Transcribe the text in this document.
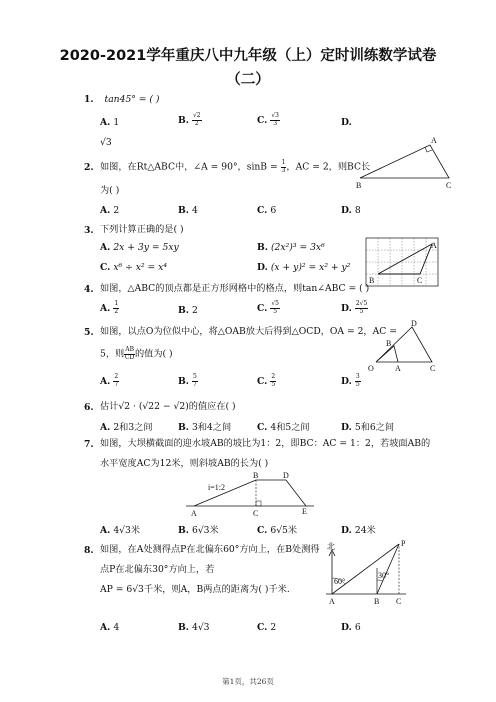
2020-2021学年重庆八中九年级（上）定时训练数学试卷
（二）
1. tan45° = ( )
A. 1	B. $\frac{√2}{2}$	C. $\frac{√3}{3}$	D.
√3
2. 如图，在Rt△ABC中，∠A = 90°，$\sin B = \frac{1}{3}$ ，AC = 2，则BC长
为( )
A. 2	B. 4	C. 6	D. 8
A
B	C
3. 下列计算正确的是( )
A. 2x + 3y = 5xy	B. (2x²)³ = 3x⁶
C. x⁶ ÷ x² = x⁴	D. (x + y)² = x² + y²
A
B	C
4. 如图，△ABC的顶点都是正方形网格中的格点，则tan∠ABC = ( )
A. $\frac{1}{2}$	B. 2	C. $\frac{√5}{5}$	D. $\frac{2√5}{5}$
5. 如图，以点O为位似中心，将△OAB放大后得到△OCD，OA = 2，AC =
5，则 $\frac{AB}{CD}$ 的值为( )
A. $\frac{2}{7}$	B. $\frac{5}{7}$	C. $\frac{2}{5}$	D. $\frac{3}{5}$
D
B
O	A	C
6. 估计√2 · (√22 − √2)的值应在( )
A. 2和3之间	B. 3和4之间	C. 4和5之间	D. 5和6之间
7. 如图，大坝横截面的迎水坡AB的坡比为1：2，即BC：AC = 1：2，若坡面AB的
水平宽度AC为12米，则斜坡AB的长为( )
i=1:2
B	D
A	C	E
A. 4√3米	B. 6√3米	C. 6√5米	D. 24米
8. 如图，在A处测得点P在北偏东60°方向上，在B处测得
点P在北偏东30°方向上，若
AP = 6√3千米，则A，B两点的距离为( )千米.
北
60°
30°
P
A	B C
A. 4	B. 4√3	C. 2	D. 6
第1页，共26页
